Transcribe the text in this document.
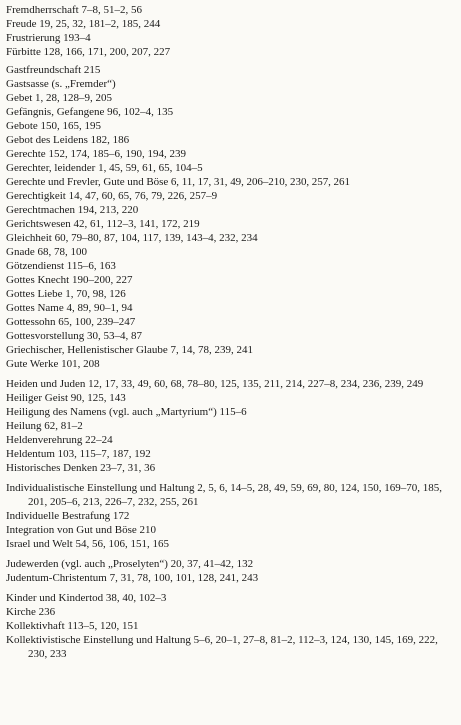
Fremdherrschaft 7–8, 51–2, 56
Freude 19, 25, 32, 181–2, 185, 244
Frustrierung 193–4
Fürbitte 128, 166, 171, 200, 207, 227
Gastfreundschaft 215
Gastsasse (s. „Fremder“)
Gebet 1, 28, 128–9, 205
Gefängnis, Gefangene 96, 102–4, 135
Gebote 150, 165, 195
Gebot des Leidens 182, 186
Gerechte 152, 174, 185–6, 190, 194, 239
Gerechter, leidender 1, 45, 59, 61, 65, 104–5
Gerechte und Frevler, Gute und Böse 6, 11, 17, 31, 49, 206–210, 230, 257, 261
Gerechtigkeit 14, 47, 60, 65, 76, 79, 226, 257–9
Gerechtmachen 194, 213, 220
Gerichtswesen 42, 61, 112–3, 141, 172, 219
Gleichheit 60, 79–80, 87, 104, 117, 139, 143–4, 232, 234
Gnade 68, 78, 100
Götzendienst 115–6, 163
Gottes Knecht 190–200, 227
Gottes Liebe 1, 70, 98, 126
Gottes Name 4, 89, 90–1, 94
Gottessohn 65, 100, 239–247
Gottesvorstellung 30, 53–4, 87
Griechischer, Hellenistischer Glaube 7, 14, 78, 239, 241
Gute Werke 101, 208
Heiden und Juden 12, 17, 33, 49, 60, 68, 78–80, 125, 135, 211, 214, 227–8, 234, 236, 239, 249
Heiliger Geist 90, 125, 143
Heiligung des Namens (vgl. auch „Martyrium“) 115–6
Heilung 62, 81–2
Heldenverehrung 22–24
Heldentum 103, 115–7, 187, 192
Historisches Denken 23–7, 31, 36
Individualistische Einstellung und Haltung 2, 5, 6, 14–5, 28, 49, 59, 69, 80, 124, 150, 169–70, 185, 201, 205–6, 213, 226–7, 232, 255, 261
Individuelle Bestrafung 172
Integration von Gut und Böse 210
Israel und Welt 54, 56, 106, 151, 165
Judewerden (vgl. auch „Proselyten“) 20, 37, 41–42, 132
Judentum-Christentum 7, 31, 78, 100, 101, 128, 241, 243
Kinder und Kindertod 38, 40, 102–3
Kirche 236
Kollektivhaft 113–5, 120, 151
Kollektivistische Einstellung und Haltung 5–6, 20–1, 27–8, 81–2, 112–3, 124, 130, 145, 169, 222, 230, 233
